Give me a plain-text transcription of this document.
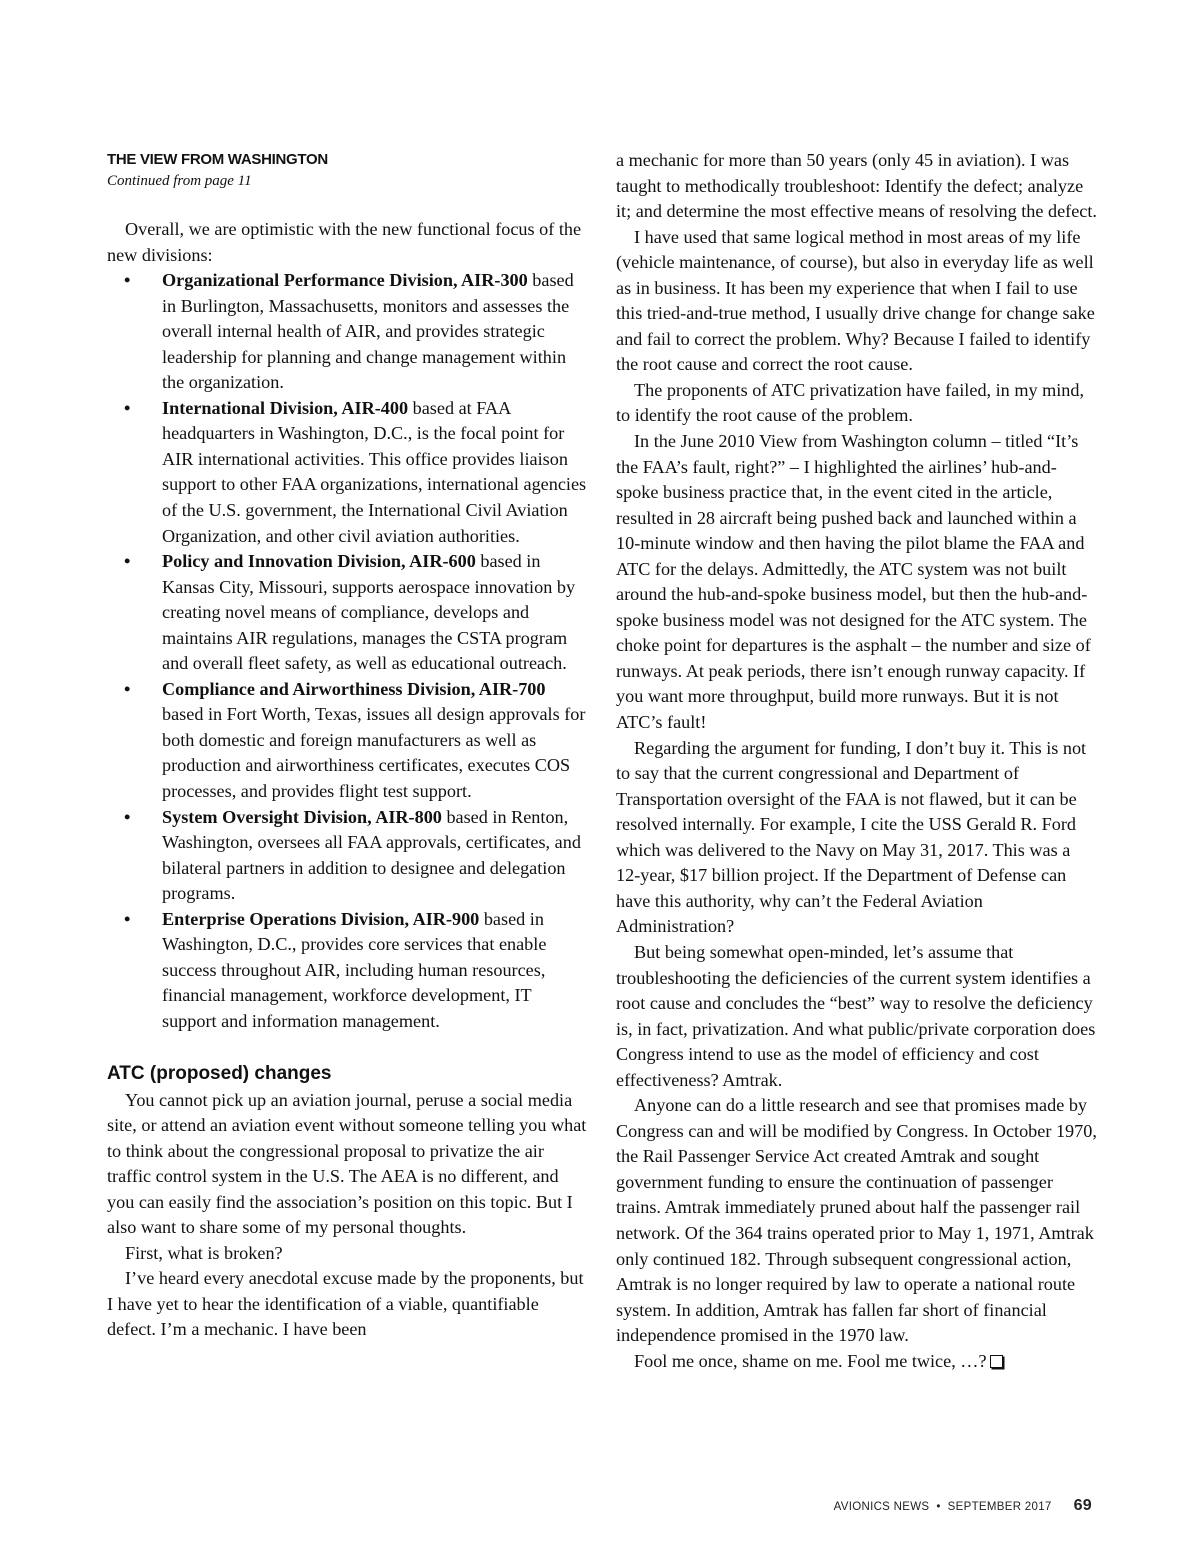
THE VIEW FROM WASHINGTON
Continued from page 11

Overall, we are optimistic with the new functional focus of the new divisions:

• Organizational Performance Division, AIR-300 based in Burlington, Massachusetts, monitors and assesses the overall internal health of AIR, and provides strategic leadership for planning and change management within the organization.
• International Division, AIR-400 based at FAA headquarters in Washington, D.C., is the focal point for AIR international activities. This office provides liaison support to other FAA organizations, international agencies of the U.S. government, the International Civil Aviation Organization, and other civil aviation authorities.
• Policy and Innovation Division, AIR-600 based in Kansas City, Missouri, supports aerospace innovation by creating novel means of compliance, develops and maintains AIR regulations, manages the CSTA program and overall fleet safety, as well as educational outreach.
• Compliance and Airworthiness Division, AIR-700 based in Fort Worth, Texas, issues all design approvals for both domestic and foreign manufacturers as well as production and airworthiness certificates, executes COS processes, and provides flight test support.
• System Oversight Division, AIR-800 based in Renton, Washington, oversees all FAA approvals, certificates, and bilateral partners in addition to designee and delegation programs.
• Enterprise Operations Division, AIR-900 based in Washington, D.C., provides core services that enable success throughout AIR, including human resources, financial management, workforce development, IT support and information management.
ATC (proposed) changes

You cannot pick up an aviation journal, peruse a social media site, or attend an aviation event without someone telling you what to think about the congressional proposal to privatize the air traffic control system in the U.S. The AEA is no different, and you can easily find the association’s position on this topic. But I also want to share some of my personal thoughts.

First, what is broken?

I’ve heard every anecdotal excuse made by the proponents, but I have yet to hear the identification of a viable, quantifiable defect. I’m a mechanic. I have been

a mechanic for more than 50 years (only 45 in aviation). I was taught to methodically troubleshoot: Identify the defect; analyze it; and determine the most effective means of resolving the defect.

I have used that same logical method in most areas of my life (vehicle maintenance, of course), but also in everyday life as well as in business. It has been my experience that when I fail to use this tried-and-true method, I usually drive change for change sake and fail to correct the problem. Why? Because I failed to identify the root cause and correct the root cause.

The proponents of ATC privatization have failed, in my mind, to identify the root cause of the problem.

In the June 2010 View from Washington column – titled “It’s the FAA’s fault, right?” – I highlighted the airlines’ hub-and-spoke business practice that, in the event cited in the article, resulted in 28 aircraft being pushed back and launched within a 10-minute window and then having the pilot blame the FAA and ATC for the delays. Admittedly, the ATC system was not built around the hub-and-spoke business model, but then the hub-and-spoke business model was not designed for the ATC system. The choke point for departures is the asphalt – the number and size of runways. At peak periods, there isn’t enough runway capacity. If you want more throughput, build more runways. But it is not ATC’s fault!

Regarding the argument for funding, I don’t buy it. This is not to say that the current congressional and Department of Transportation oversight of the FAA is not flawed, but it can be resolved internally. For example, I cite the USS Gerald R. Ford which was delivered to the Navy on May 31, 2017. This was a 12-year, $17 billion project. If the Department of Defense can have this authority, why can’t the Federal Aviation Administration?

But being somewhat open-minded, let’s assume that troubleshooting the deficiencies of the current system identifies a root cause and concludes the “best” way to resolve the deficiency is, in fact, privatization. And what public/private corporation does Congress intend to use as the model of efficiency and cost effectiveness? Amtrak.

Anyone can do a little research and see that promises made by Congress can and will be modified by Congress. In October 1970, the Rail Passenger Service Act created Amtrak and sought government funding to ensure the continuation of passenger trains. Amtrak immediately pruned about half the passenger rail network. Of the 364 trains operated prior to May 1, 1971, Amtrak only continued 182. Through subsequent congressional action, Amtrak is no longer required by law to operate a national route system. In addition, Amtrak has fallen far short of financial independence promised in the 1970 law.

Fool me once, shame on me. Fool me twice, …?

AVIONICS NEWS • SEPTEMBER 2017 69
